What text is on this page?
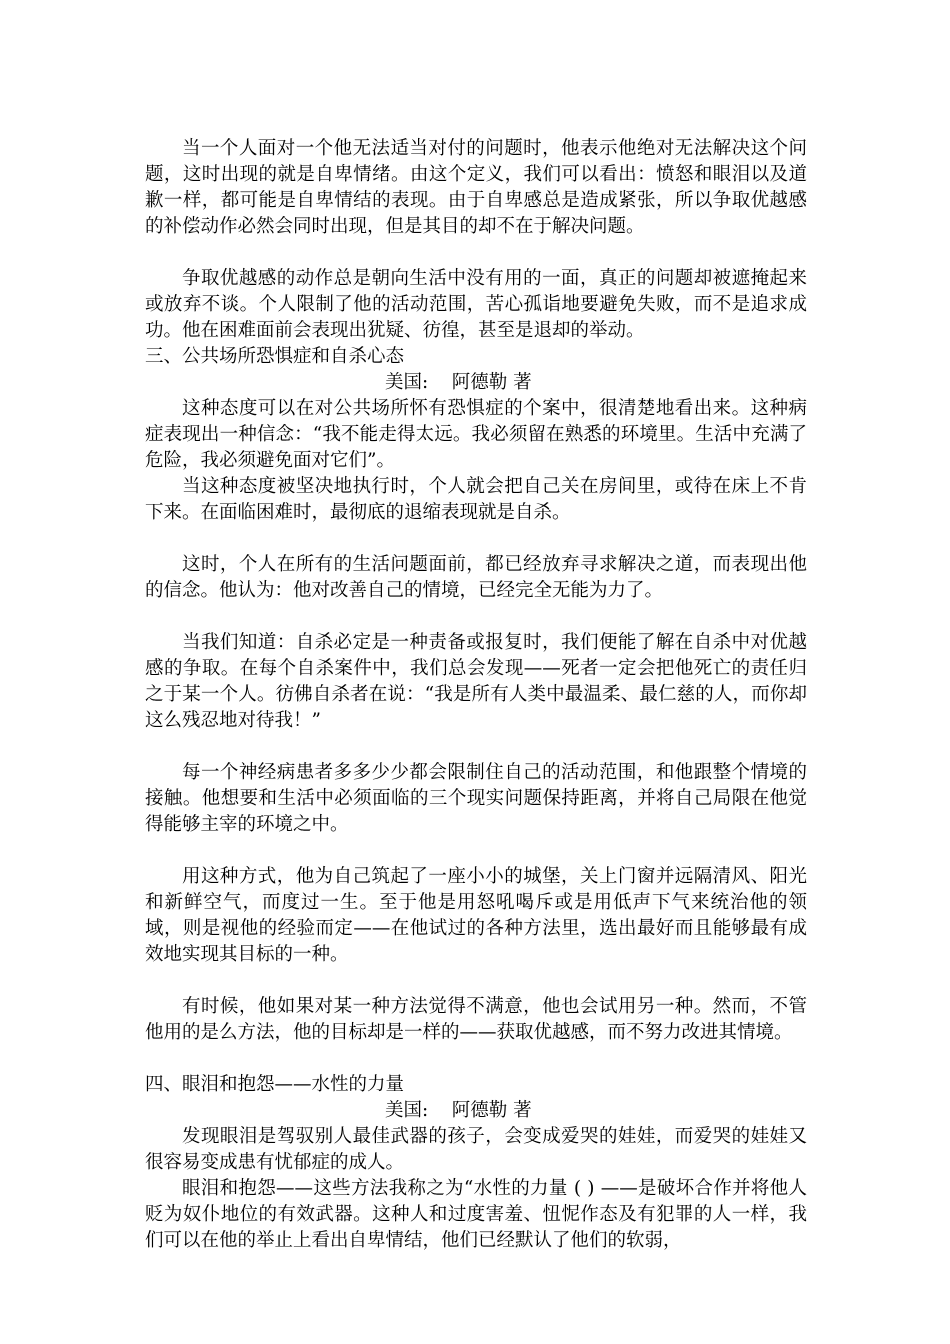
当一个人面对一个他无法适当对付的问题时，他表示他绝对无法解决这个问题，这时出现的就是自卑情绪。由这个定义，我们可以看出：愤怒和眼泪以及道歉一样，都可能是自卑情结的表现。由于自卑感总是造成紧张，所以争取优越感的补偿动作必然会同时出现，但是其目的却不在于解决问题。

争取优越感的动作总是朝向生活中没有用的一面，真正的问题却被遮掩起来或放弃不谈。个人限制了他的活动范围，苦心孤诣地要避免失败，而不是追求成功。他在困难面前会表现出犹疑、彷徨，甚至是退却的举动。

三、公共场所恐惧症和自杀心态

美国:    阿德勒 著

这种态度可以在对公共场所怀有恐惧症的个案中，很清楚地看出来。这种病症表现出一种信念：“我不能走得太远。我必须留在熟悉的环境里。生活中充满了危险，我必须避免面对它们”。

当这种态度被坚决地执行时，个人就会把自己关在房间里，或待在床上不肯下来。在面临困难时，最彻底的退缩表现就是自杀。

这时，个人在所有的生活问题面前，都已经放弃寻求解决之道，而表现出他的信念。他认为：他对改善自己的情境，已经完全无能为力了。

当我们知道：自杀必定是一种责备或报复时，我们便能了解在自杀中对优越感的争取。在每个自杀案件中，我们总会发现——死者一定会把他死亡的责任归之于某一个人。彷佛自杀者在说：“我是所有人类中最温柔、最仁慈的人，而你却这么残忍地对待我！”

每一个神经病患者多多少少都会限制住自己的活动范围，和他跟整个情境的接触。他想要和生活中必须面临的三个现实问题保持距离，并将自己局限在他觉得能够主宰的环境之中。

用这种方式，他为自己筑起了一座小小的城堡，关上门窗并远隔清风、阳光和新鲜空气，而度过一生。至于他是用怒吼喝斥或是用低声下气来统治他的领域，则是视他的经验而定——在他试过的各种方法里，选出最好而且能够最有成效地实现其目标的一种。

有时候，他如果对某一种方法觉得不满意，他也会试用另一种。然而，不管他用的是么方法，他的目标却是一样的——获取优越感，而不努力改进其情境。

四、眼泪和抱怨——水性的力量

美国:    阿德勒 著

发现眼泪是驾驭别人最佳武器的孩子，会变成爱哭的娃娃，而爱哭的娃娃又很容易变成患有忧郁症的成人。

眼泪和抱怨——这些方法我称之为“水性的力量 ( ) ——是破坏合作并将他人贬为奴仆地位的有效武器。这种人和过度害羞、忸怩作态及有犯罪的人一样，我们可以在他的举止上看出自卑情结，他们已经默认了他们的软弱，
